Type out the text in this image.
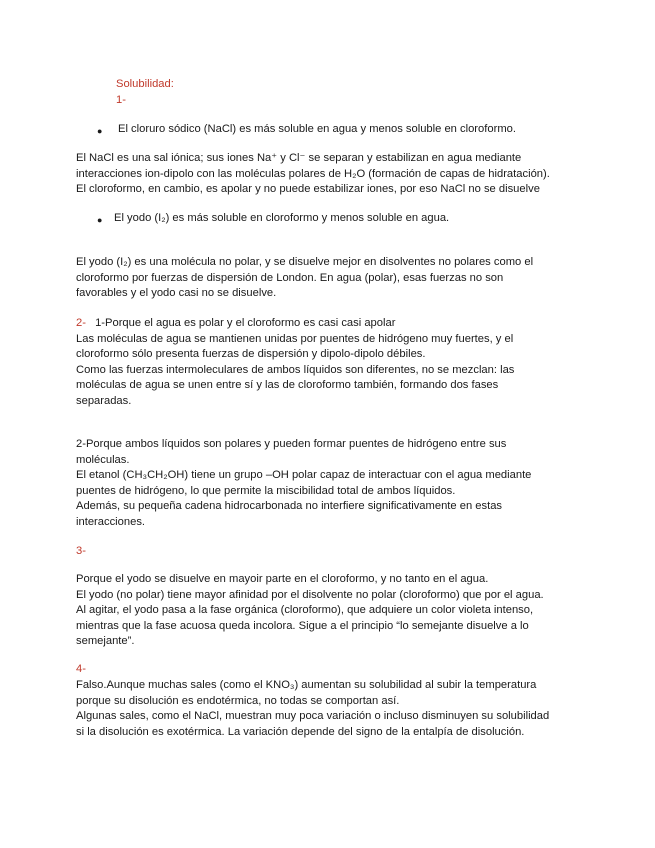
Solubilidad:
1-
● El cloruro sódico (NaCl) es más soluble en agua y menos soluble en cloroformo.
El NaCl es una sal iónica; sus iones Na⁺ y Cl⁻ se separan y estabilizan en agua mediante
interacciones ion-dipolo con las moléculas polares de H₂O (formación de capas de hidratación).
El cloroformo, en cambio, es apolar y no puede estabilizar iones, por eso NaCl no se disuelve
● El yodo (I₂) es más soluble en cloroformo y menos soluble en agua.
El yodo (I₂) es una molécula no polar, y se disuelve mejor en disolventes no polares como el
cloroformo por fuerzas de dispersión de London. En agua (polar), esas fuerzas no son
favorables y el yodo casi no se disuelve.
2- 1-Porque el agua es polar y el cloroformo es casi casi apolar
Las moléculas de agua se mantienen unidas por puentes de hidrógeno muy fuertes, y el
cloroformo sólo presenta fuerzas de dispersión y dipolo-dipolo débiles.
Como las fuerzas intermoleculares de ambos líquidos son diferentes, no se mezclan: las
moléculas de agua se unen entre sí y las de cloroformo también, formando dos fases
separadas.
2-Porque ambos líquidos son polares y pueden formar puentes de hidrógeno entre sus
moléculas.
El etanol (CH₃CH₂OH) tiene un grupo –OH polar capaz de interactuar con el agua mediante
puentes de hidrógeno, lo que permite la miscibilidad total de ambos líquidos.
Además, su pequeña cadena hidrocarbonada no interfiere significativamente en estas
interacciones.
3-
Porque el yodo se disuelve en mayoir parte en el cloroformo, y no tanto en el agua.
El yodo (no polar) tiene mayor afinidad por el disolvente no polar (cloroformo) que por el agua.
Al agitar, el yodo pasa a la fase orgánica (cloroformo), que adquiere un color violeta intenso,
mientras que la fase acuosa queda incolora. Sigue a el principio “lo semejante disuelve a lo
semejante”.
4-
Falso.Aunque muchas sales (como el KNO₃) aumentan su solubilidad al subir la temperatura
porque su disolución es endotérmica, no todas se comportan así.
Algunas sales, como el NaCl, muestran muy poca variación o incluso disminuyen su solubilidad
si la disolución es exotérmica. La variación depende del signo de la entalpía de disolución.
